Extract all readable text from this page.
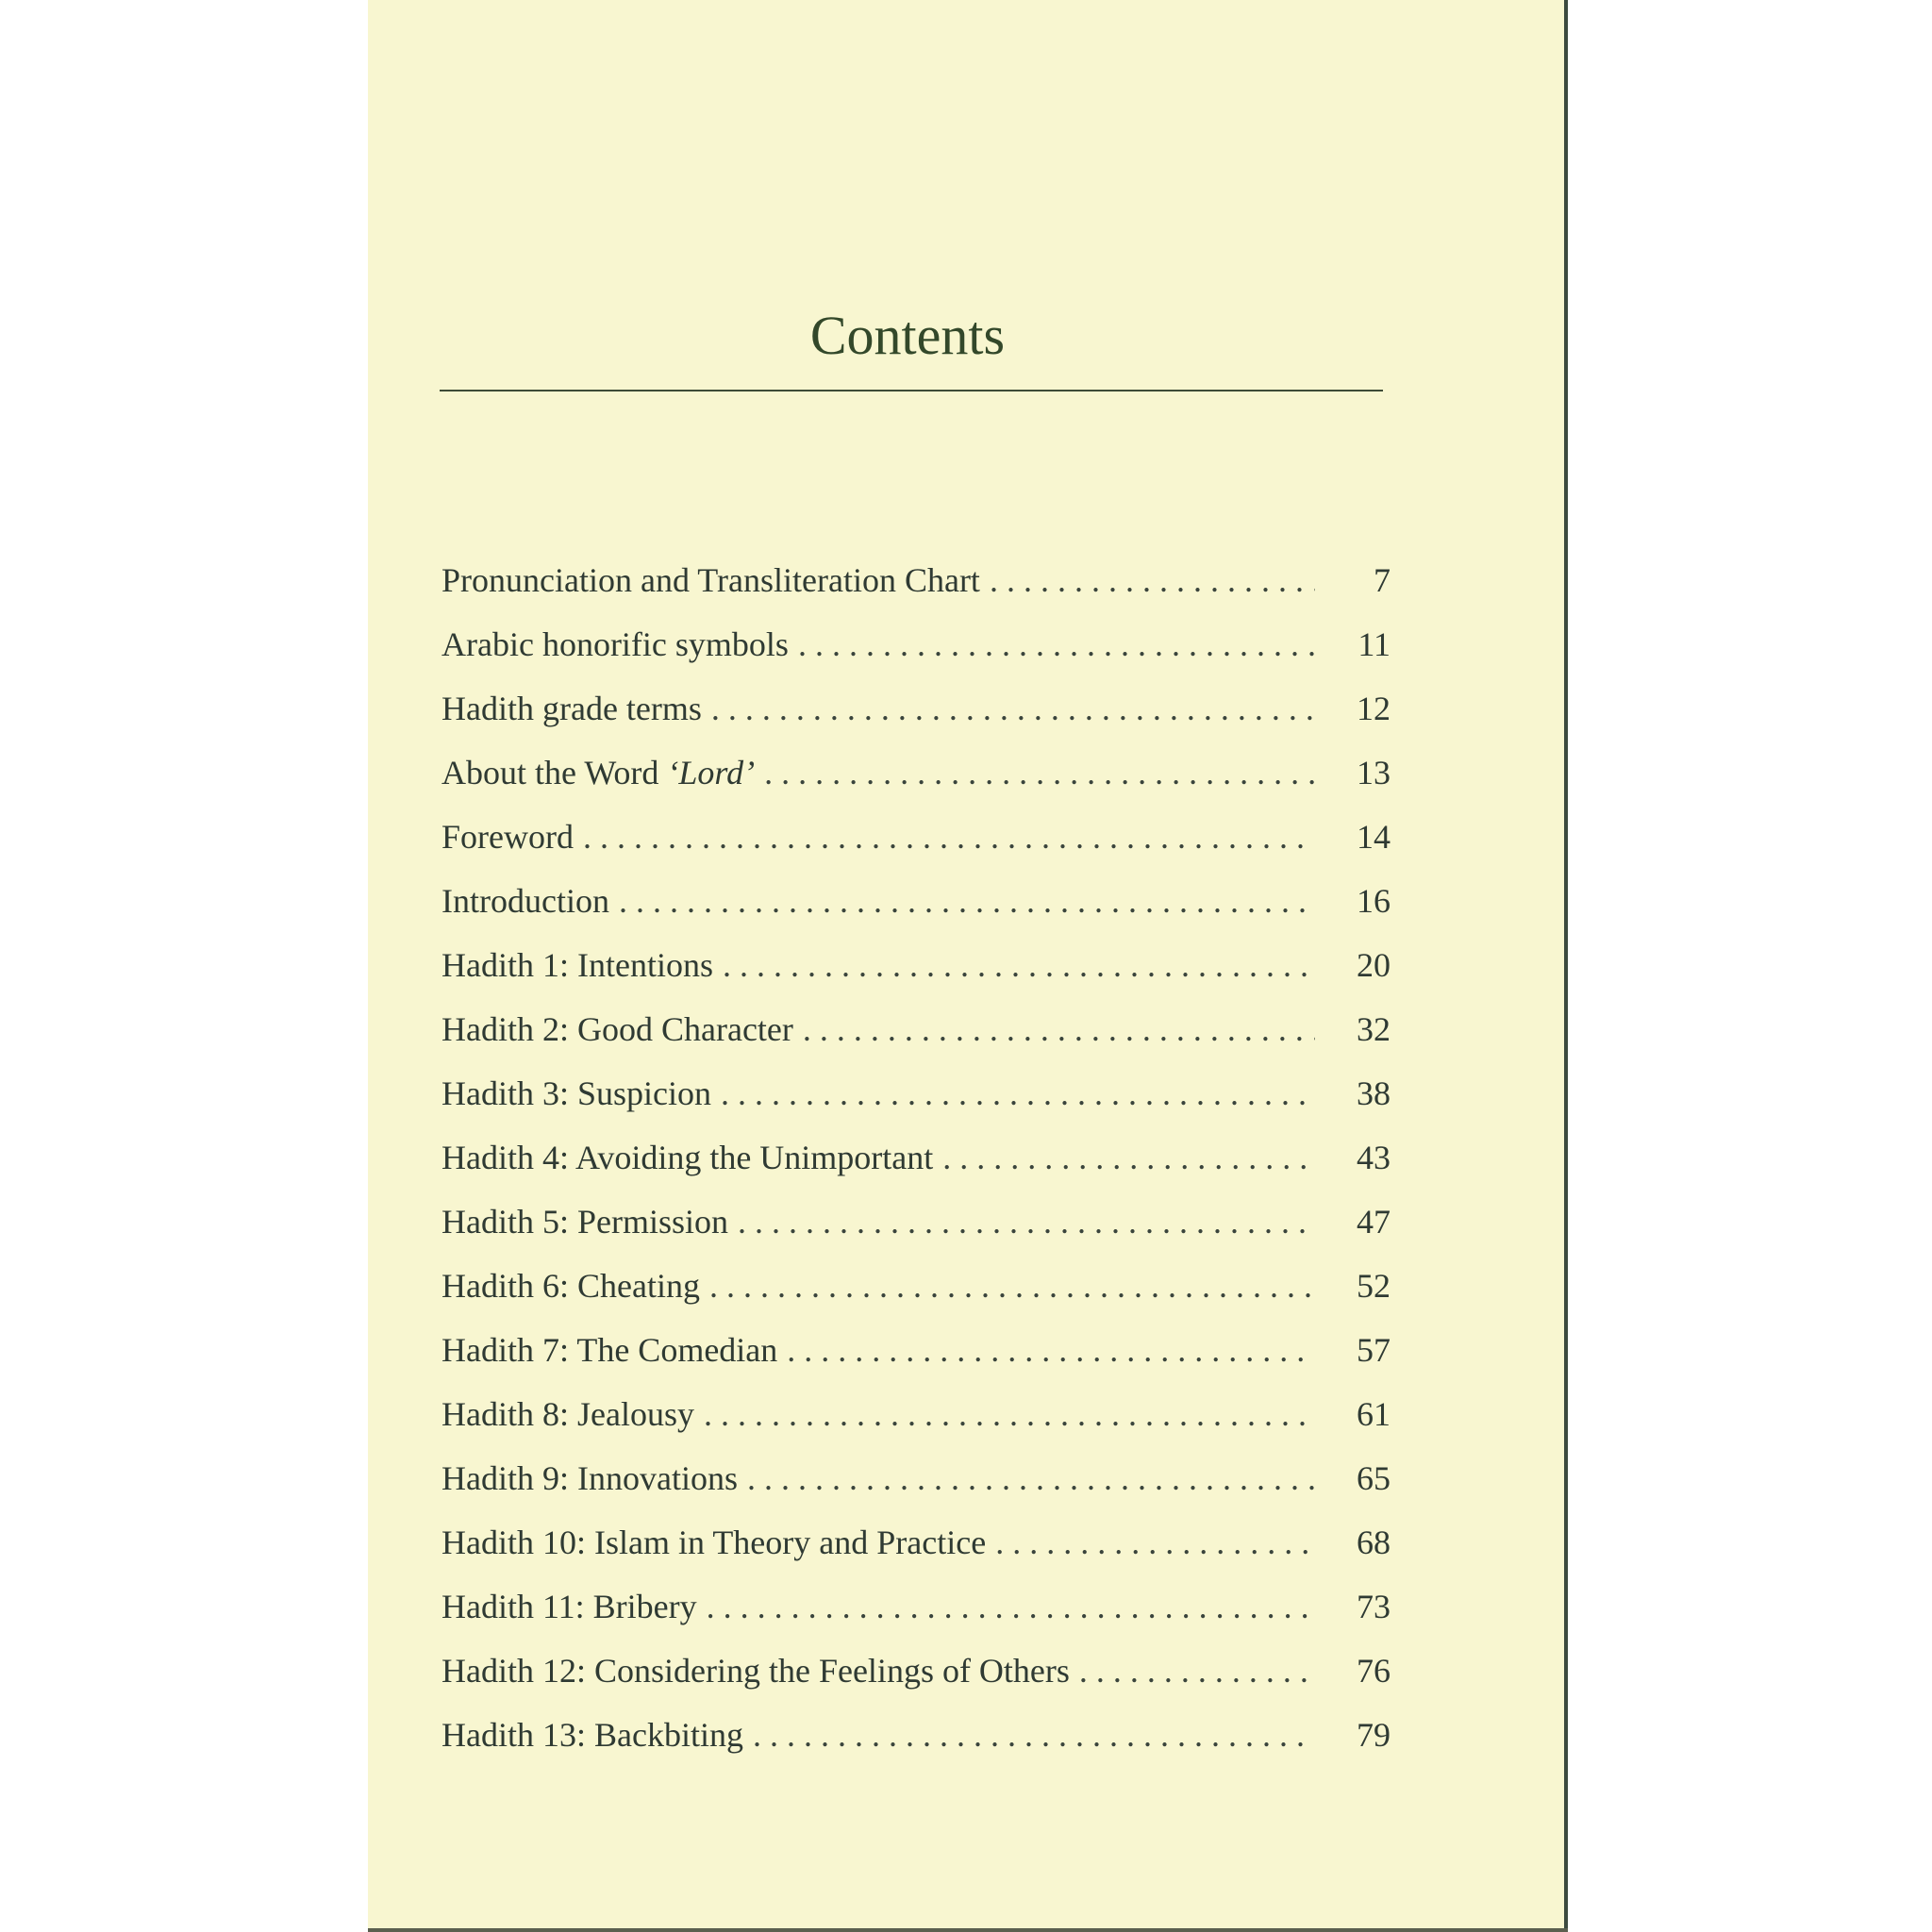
Contents
Pronunciation and Transliteration Chart . . .	7
Arabic honorific symbols . . .	11
Hadith grade terms . . .	12
About the Word ‘Lord’ . . .	13
Foreword . . .	14
Introduction . . .	16
Hadith 1: Intentions . . .	20
Hadith 2: Good Character . . .	32
Hadith 3: Suspicion . . .	38
Hadith 4: Avoiding the Unimportant . . .	43
Hadith 5: Permission . . .	47
Hadith 6: Cheating . . .	52
Hadith 7: The Comedian . . .	57
Hadith 8: Jealousy . . .	61
Hadith 9: Innovations . . .	65
Hadith 10: Islam in Theory and Practice . . .	68
Hadith 11: Bribery . . .	73
Hadith 12: Considering the Feelings of Others . . .	76
Hadith 13: Backbiting . . .	79
